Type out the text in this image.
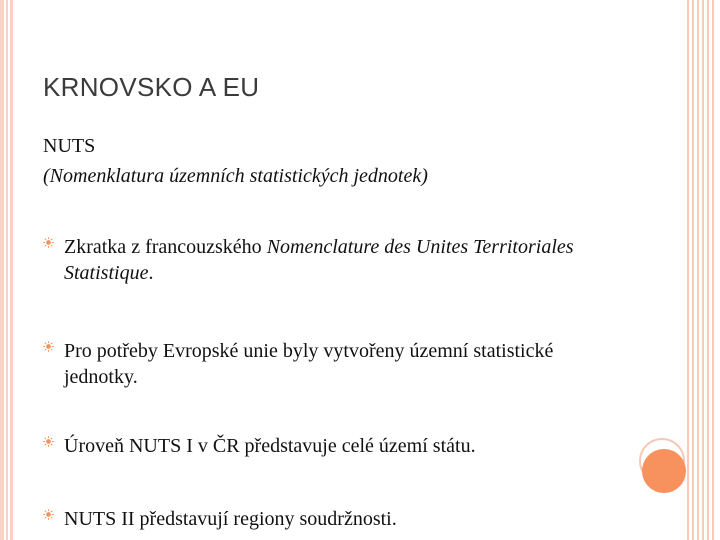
KRNOVSKO A EU
NUTS
(Nomenklatura územních statistických jednotek)
Zkratka z francouzského Nomenclature des Unites Territoriales Statistique.
Pro potřeby Evropské unie byly vytvořeny územní statistické jednotky.
Úroveň NUTS I v ČR představuje celé území státu.
NUTS II představují regiony soudržnosti.
